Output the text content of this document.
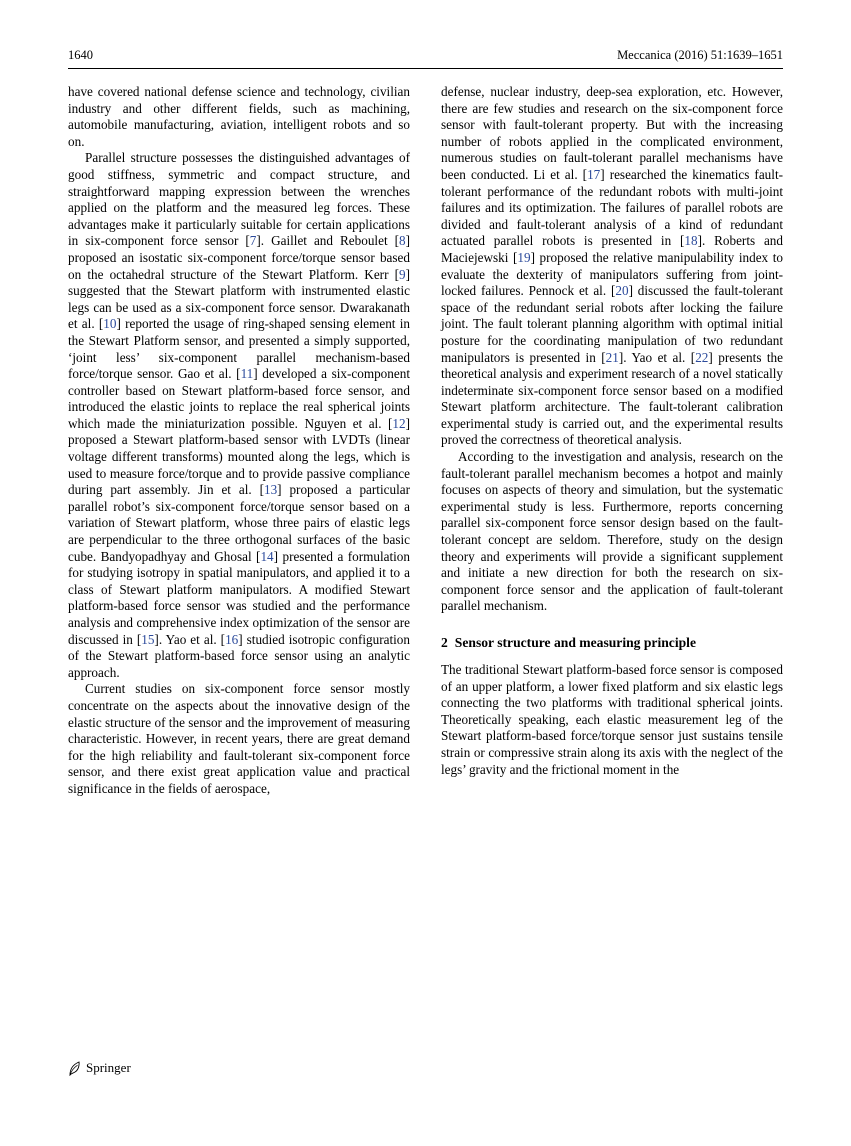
1640	Meccanica (2016) 51:1639–1651

have covered national defense science and technology, civilian industry and other different fields, such as machining, automobile manufacturing, aviation, intelligent robots and so on.

Parallel structure possesses the distinguished advantages of good stiffness, symmetric and compact structure, and straightforward mapping expression between the wrenches applied on the platform and the measured leg forces. These advantages make it particularly suitable for certain applications in six-component force sensor [7]. Gaillet and Reboulet [8] proposed an isostatic six-component force/torque sensor based on the octahedral structure of the Stewart Platform. Kerr [9] suggested that the Stewart platform with instrumented elastic legs can be used as a six-component force sensor. Dwarakanath et al. [10] reported the usage of ring-shaped sensing element in the Stewart Platform sensor, and presented a simply supported, ‘joint less’ six-component parallel mechanism-based force/torque sensor. Gao et al. [11] developed a six-component controller based on Stewart platform-based force sensor, and introduced the elastic joints to replace the real spherical joints which made the miniaturization possible. Nguyen et al. [12] proposed a Stewart platform-based sensor with LVDTs (linear voltage different transforms) mounted along the legs, which is used to measure force/torque and to provide passive compliance during part assembly. Jin et al. [13] proposed a particular parallel robot’s six-component force/torque sensor based on a variation of Stewart platform, whose three pairs of elastic legs are perpendicular to the three orthogonal surfaces of the basic cube. Bandyopadhyay and Ghosal [14] presented a formulation for studying isotropy in spatial manipulators, and applied it to a class of Stewart platform manipulators. A modified Stewart platform-based force sensor was studied and the performance analysis and comprehensive index optimization of the sensor are discussed in [15]. Yao et al. [16] studied isotropic configuration of the Stewart platform-based force sensor using an analytic approach.

Current studies on six-component force sensor mostly concentrate on the aspects about the innovative design of the elastic structure of the sensor and the improvement of measuring characteristic. However, in recent years, there are great demand for the high reliability and fault-tolerant six-component force sensor, and there exist great application value and practical significance in the fields of aerospace,

defense, nuclear industry, deep-sea exploration, etc. However, there are few studies and research on the six-component force sensor with fault-tolerant property. But with the increasing number of robots applied in the complicated environment, numerous studies on fault-tolerant parallel mechanisms have been conducted. Li et al. [17] researched the kinematics fault-tolerant performance of the redundant robots with multi-joint failures and its optimization. The failures of parallel robots are divided and fault-tolerant analysis of a kind of redundant actuated parallel robots is presented in [18]. Roberts and Maciejewski [19] proposed the relative manipulability index to evaluate the dexterity of manipulators suffering from joint-locked failures. Pennock et al. [20] discussed the fault-tolerant space of the redundant serial robots after locking the failure joint. The fault tolerant planning algorithm with optimal initial posture for the coordinating manipulation of two redundant manipulators is presented in [21]. Yao et al. [22] presents the theoretical analysis and experiment research of a novel statically indeterminate six-component force sensor based on a modified Stewart platform architecture. The fault-tolerant calibration experimental study is carried out, and the experimental results proved the correctness of theoretical analysis.

According to the investigation and analysis, research on the fault-tolerant parallel mechanism becomes a hotpot and mainly focuses on aspects of theory and simulation, but the systematic experimental study is less. Furthermore, reports concerning parallel six-component force sensor design based on the fault-tolerant concept are seldom. Therefore, study on the design theory and experiments will provide a significant supplement and initiate a new direction for both the research on six-component force sensor and the application of fault-tolerant parallel mechanism.

2 Sensor structure and measuring principle

The traditional Stewart platform-based force sensor is composed of an upper platform, a lower fixed platform and six elastic legs connecting the two platforms with traditional spherical joints. Theoretically speaking, each elastic measurement leg of the Stewart platform-based force/torque sensor just sustains tensile strain or compressive strain along its axis with the neglect of the legs’ gravity and the frictional moment in the

Springer
